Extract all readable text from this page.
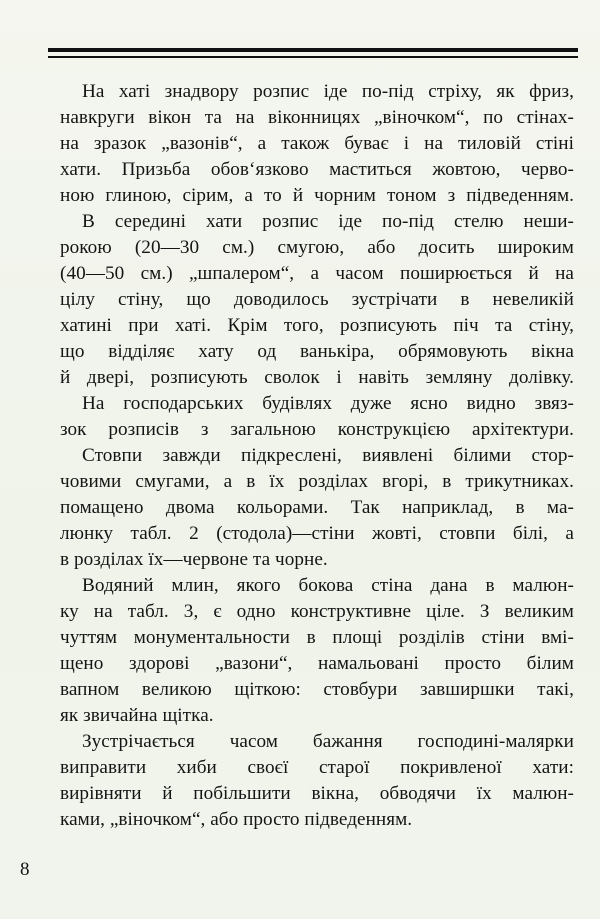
На хаті знадвору розпис іде по-під стріху, як фриз,
навкруги вікон та на віконницях „віночком“, по стінах-
на зразок „вазонів“, а також буває і на тиловій стіні
хати. Призьба обов‘язково маститься жовтою, черво-
ною глиною, сірим, а то й чорним тоном з підведенням.
В середині хати розпис іде по-під стелю неши-
рокою (20—30 см.) смугою, або досить широким
(40—50 см.) „шпалером“, а часом поширюється й на
цілу стіну, що доводилось зустрічати в невеликій
хатині при хаті. Крім того, розписують піч та стіну,
що відділяє хату од ванькіра, обрямовують вікна
й двері, розписують сволок і навіть земляну долівку.
На господарських будівлях дуже ясно видно звяз-
зок розписів з загальною конструкцією архітектури.
Стовпи завжди підкреслені, виявлені білими стор-
човими смугами, а в їх розділах вгорі, в трикутниках.
помащено двома кольорами. Так наприклад, в ма-
люнку табл. 2 (стодола)—стіни жовті, стовпи білі, а
в розділах їх—червоне та чорне.
Водяний млин, якого бокова стіна дана в малюн-
ку на табл. 3, є одно конструктивне ціле. З великим
чуттям монументальности в площі розділів стіни вмі-
щено здорові „вазони“, намальовані просто білим
вапном великою щіткою: стовбури завширшки такі,
як звичайна щітка.
Зустрічається часом бажання господині-малярки
виправити хиби своєї старої покривленої хати:
вирівняти й побільшити вікна, обводячи їх малюн-
ками, „віночком“, або просто підведенням.
8
